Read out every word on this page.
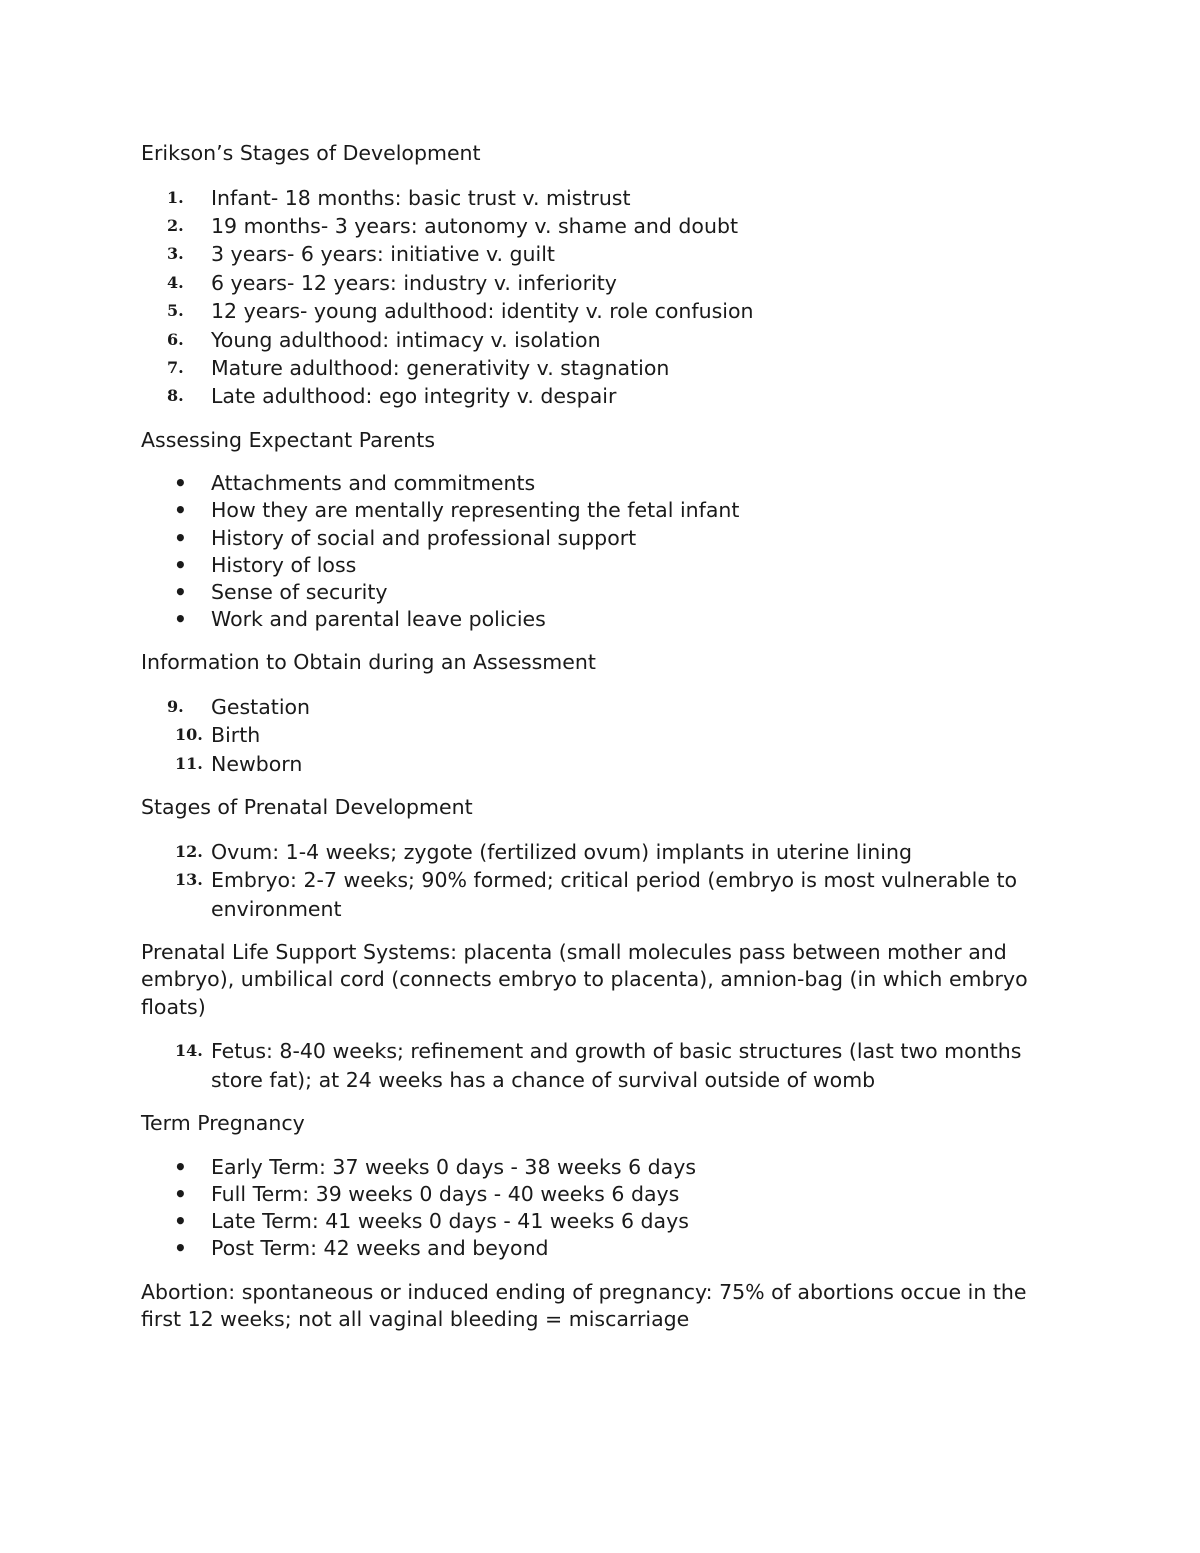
Erikson’s Stages of Development

1. Infant- 18 months: basic trust v. mistrust
2. 19 months- 3 years: autonomy v. shame and doubt
3. 3 years- 6 years: initiative v. guilt
4. 6 years- 12 years: industry v. inferiority
5. 12 years- young adulthood: identity v. role confusion
6. Young adulthood: intimacy v. isolation
7. Mature adulthood: generativity v. stagnation
8. Late adulthood: ego integrity v. despair

Assessing Expectant Parents

• Attachments and commitments
• How they are mentally representing the fetal infant
• History of social and professional support
• History of loss
• Sense of security
• Work and parental leave policies

Information to Obtain during an Assessment

9. Gestation
10. Birth
11. Newborn

Stages of Prenatal Development

12. Ovum: 1-4 weeks; zygote (fertilized ovum) implants in uterine lining
13. Embryo: 2-7 weeks; 90% formed; critical period (embryo is most vulnerable to environment

Prenatal Life Support Systems: placenta (small molecules pass between mother and embryo), umbilical cord (connects embryo to placenta), amnion-bag (in which embryo floats)

14. Fetus: 8-40 weeks; refinement and growth of basic structures (last two months store fat); at 24 weeks has a chance of survival outside of womb

Term Pregnancy

• Early Term: 37 weeks 0 days - 38 weeks 6 days
• Full Term: 39 weeks 0 days - 40 weeks 6 days
• Late Term: 41 weeks 0 days - 41 weeks 6 days
• Post Term: 42 weeks and beyond

Abortion: spontaneous or induced ending of pregnancy: 75% of abortions occue in the first 12 weeks; not all vaginal bleeding = miscarriage
